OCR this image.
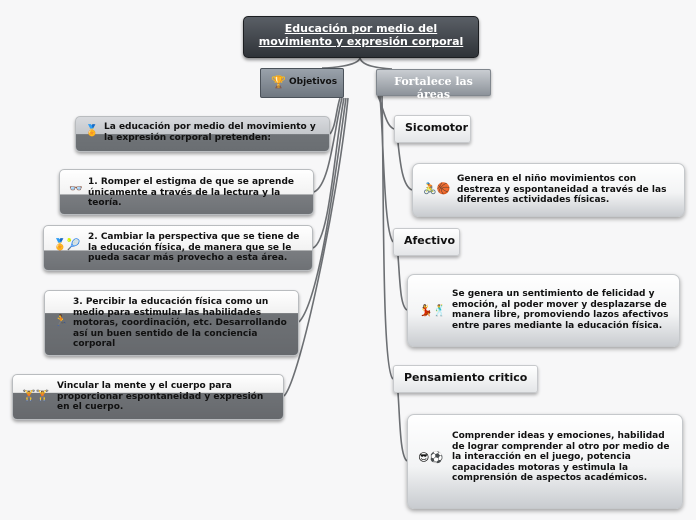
Educación por medio del movimiento y expresión corporal
🏆 Objetivos	Fortalece las áreas
🏅 La educación por medio del movimiento y la expresión corporal pretenden:
👓 1. Romper el estigma de que se aprende únicamente a través de la lectura y la teoría.
🏅🎾
2. Cambiar la perspectiva que se tiene de la educación física, de manera que se le pueda sacar más provecho a esta área.
🏃
3. Percibir la educación física como un medio para estimular las habilidades motoras, coordinación, etc. Desarrollando así un buen sentido de la conciencia corporal
🏋🏋
Vincular la mente y el cuerpo para proporcionar espontaneidad y expresión en el cuerpo.
Sicomotor
🚴🏀
Genera en el niño movimientos con destreza y espontaneidad a través de las diferentes actividades físicas.
Afectivo
💃🕺
Se genera un sentimiento de felicidad y emoción, al poder mover y desplazarse de manera libre, promoviendo lazos afectivos entre pares mediante la educación física.
Pensamiento critico
😎⚽
Comprender ideas y emociones, habilidad de lograr comprender al otro por medio de la interacción en el juego, potencia capacidades motoras y estimula la comprensión de aspectos académicos.
